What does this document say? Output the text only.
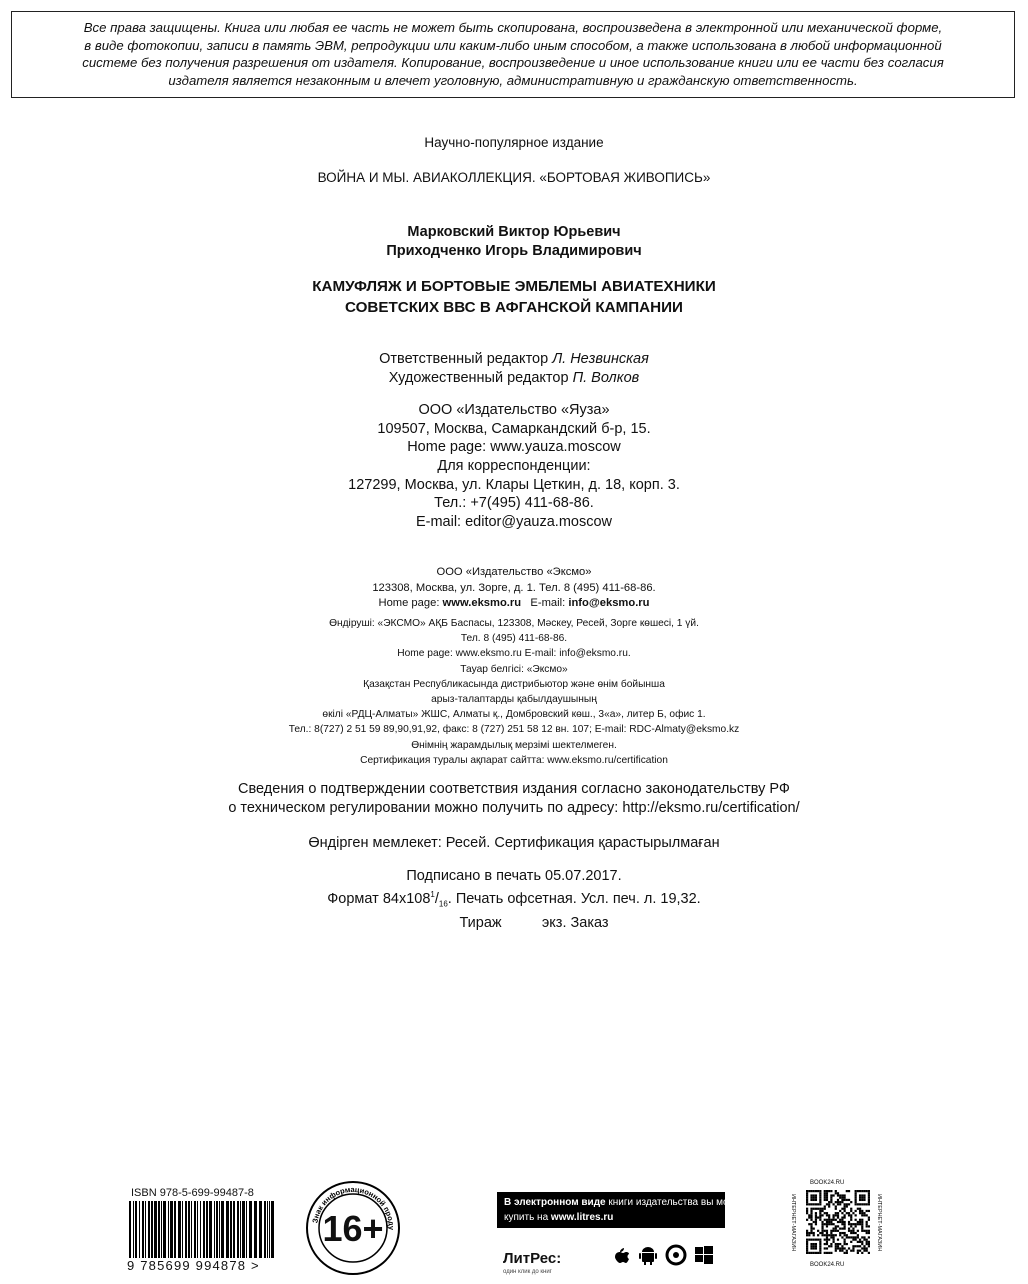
Все права защищены. Книга или любая ее часть не может быть скопирована, воспроизведена в электронной или механической форме,
в виде фотокопии, записи в память ЭВМ, репродукции или каким-либо иным способом, а также использована в любой информационной
системе без получения разрешения от издателя. Копирование, воспроизведение и иное использование книги или ее части без согласия
издателя является незаконным и влечет уголовную, административную и гражданскую ответственность.
Научно-популярное издание
ВОЙНА И МЫ. АВИАКОЛЛЕКЦИЯ. «БОРТОВАЯ ЖИВОПИСЬ»
Марковский Виктор Юрьевич
Приходченко Игорь Владимирович
КАМУФЛЯЖ И БОРТОВЫЕ ЭМБЛЕМЫ АВИАТЕХНИКИ
СОВЕТСКИХ ВВС В АФГАНСКОЙ КАМПАНИИ
Ответственный редактор Л. Незвинская
Художественный редактор П. Волков
ООО «Издательство «Яуза»
109507, Москва, Самаркандский б-р, 15.
Home page: www.yauza.moscow
Для корреспонденции:
127299, Москва, ул. Клары Цеткин, д. 18, корп. 3.
Тел.: +7(495) 411-68-86.
E-mail: editor@yauza.moscow
ООО «Издательство «Эксмо»
123308, Москва, ул. Зорге, д. 1. Тел. 8 (495) 411-68-86.
Home page: www.eksmo.ru E-mail: info@eksmo.ru
Өндіруші: «ЭКСМО» АҚБ Баспасы, 123308, Мәскеу, Ресей, Зорге көшесі, 1 үй.
Тел. 8 (495) 411-68-86.
Home page: www.eksmo.ru E-mail: info@eksmo.ru.
Тауар белгісі: «Эксмо»
Қазақстан Республикасында дистрибьютор және өнім бойынша
арыз-талаптарды қабылдаушының
өкілі «РДЦ-Алматы» ЖШС, Алматы қ., Домбровский көш., 3«а», литер Б, офис 1.
Тел.: 8(727) 2 51 59 89,90,91,92, факс: 8 (727) 251 58 12 вн. 107; E-mail: RDC-Almaty@eksmo.kz
Өнімнің жарамдылық мерзімі шектелмеген.
Сертификация туралы ақпарат сайтта: www.eksmo.ru/certification
Сведения о подтверждении соответствия издания согласно законодательству РФ
о техническом регулировании можно получить по адресу: http://eksmo.ru/certification/
Өндірген мемлекет: Ресей. Сертификация қарастырылмаған
Подписано в печать 05.07.2017.
Формат $84x108^1/_{16}$. Печать офсетная. Усл. печ. л. 19,32.
Тираж	экз. Заказ
ISBN 978-5-699-99487-8
9 785699 994878 >
Знак информационной проду
16+
В электронном виде книги издательства вы можете
купить на www.litres.ru
ЛитРес:
один клик до книг
BOOK24.RU
ИНТЕРНЕТ-МАГАЗИН	ИНТЕРНЕТ-МАГАЗИН
BOOK24.RU
